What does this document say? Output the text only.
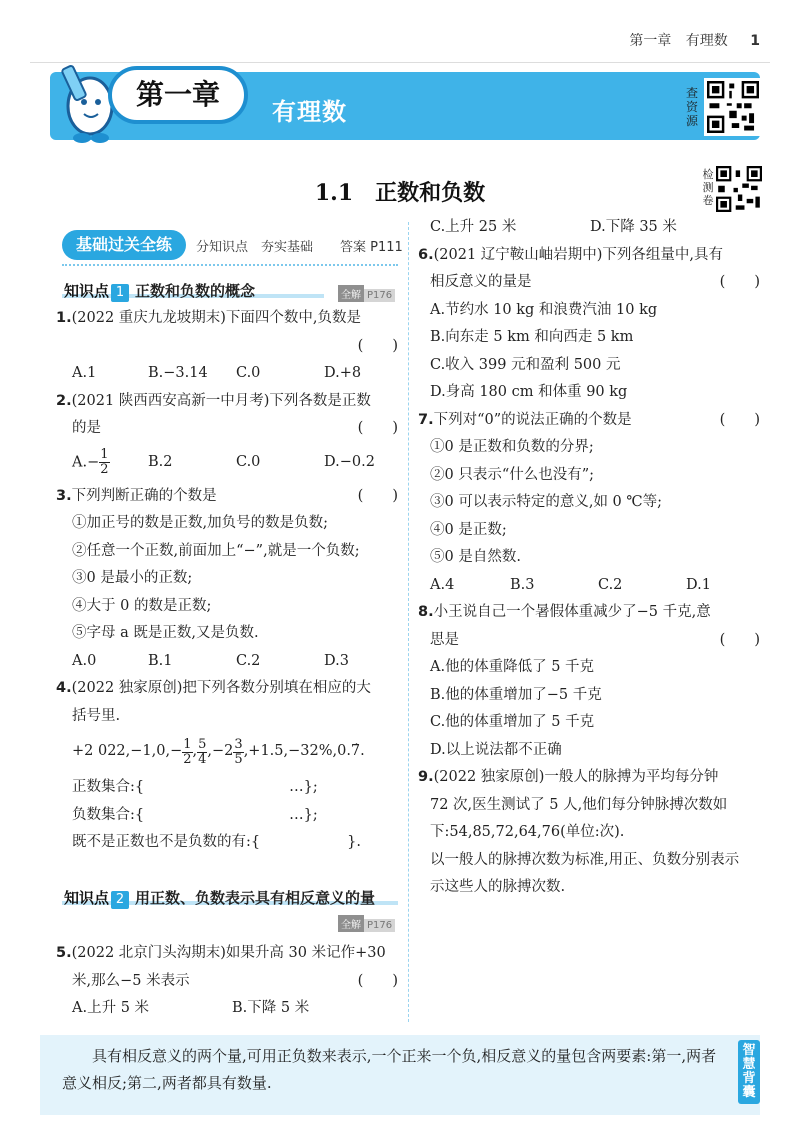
第一章 有理数 1
第一章
有理数
查资源
1.1　正数和负数
检测卷
基础过关全练	分知识点　夯实基础 答案 P111
知识点 1 正数和负数的概念	全解 P176
1.(2022 重庆九龙坡期末)下面四个数中,负数是
(　　)
A.1	B.−3.14	C.0	D.+8
2.(2021 陕西西安高新一中月考)下列各数是正数
的是	(　　)
$A.- \frac{1}{2}$	B.2	C.0	D.−0.2
3.下列判断正确的个数是	(　　)
①加正号的数是正数,加负号的数是负数;
②任意一个正数,前面加上“−”,就是一个负数;
③0 是最小的正数;
④大于 0 的数是正数;
⑤字母 a 既是正数,又是负数.
A.0	B.1	C.2	D.3
4.(2022 独家原创)把下列各数分别填在相应的大
括号里.
+2 $022,-1,0,- \frac{1}{2}$ , $\frac{5}{4} ,-2 \frac{3}{5}$ ,+1.5,−32%,0.7̇.
正数集合:{　　　　　　　　　　…};
负数集合:{　　　　　　　　　　…};
既不是正数也不是负数的有:{　　　　　　}.
知识点 2 用正数、负数表示具有相反意义的量
全解 P176
5.(2022 北京门头沟期末)如果升高 30 米记作+30
米,那么−5 米表示	(　　)
A.上升 5 米	B.下降 5 米
C.上升 25 米	D.下降 35 米
6.(2021 辽宁鞍山岫岩期中)下列各组量中,具有
相反意义的量是	(　　)
A.节约水 10 kg 和浪费汽油 10 kg
B.向东走 5 km 和向西走 5 km
C.收入 399 元和盈利 500 元
D.身高 180 cm 和体重 90 kg
7.下列对“0”的说法正确的个数是	(　　)
①0 是正数和负数的分界;
②0 只表示“什么也没有”;
③0 可以表示特定的意义,如 0 ℃等;
④0 是正数;
⑤0 是自然数.
A.4	B.3	C.2	D.1
8.小王说自己一个暑假体重减少了−5 千克,意
思是	(　　)
A.他的体重降低了 5 千克
B.他的体重增加了−5 千克
C.他的体重增加了 5 千克
D.以上说法都不正确
9.(2022 独家原创)一般人的脉搏为平均每分钟
72 次,医生测试了 5 人,他们每分钟脉搏次数如
下:54,85,72,64,76(单位:次).
以一般人的脉搏次数为标准,用正、负数分别表示
示这些人的脉搏次数.
具有相反意义的两个量,可用正负数来表示,一个正来一个负,相反意义的量包含两要素:第一,两者意义相反;第二,两者都具有数量.
智慧背囊
